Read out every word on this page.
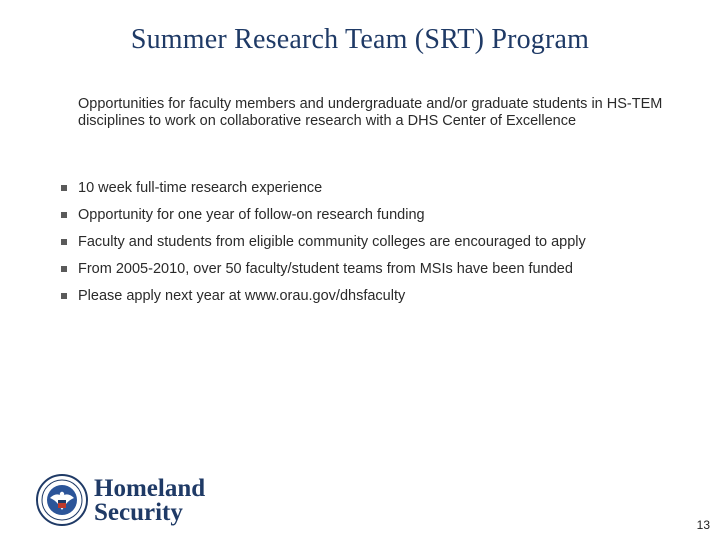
Summer Research Team (SRT) Program
Opportunities for faculty members and undergraduate and/or graduate students in HS-TEM disciplines to work on collaborative research with a DHS Center of Excellence
10 week full-time research experience
Opportunity for one year of follow-on research funding
Faculty and students from eligible community colleges are encouraged to apply
From 2005-2010, over 50 faculty/student teams from MSIs have been funded
Please apply next year at www.orau.gov/dhsfaculty
Homeland
Security	13
